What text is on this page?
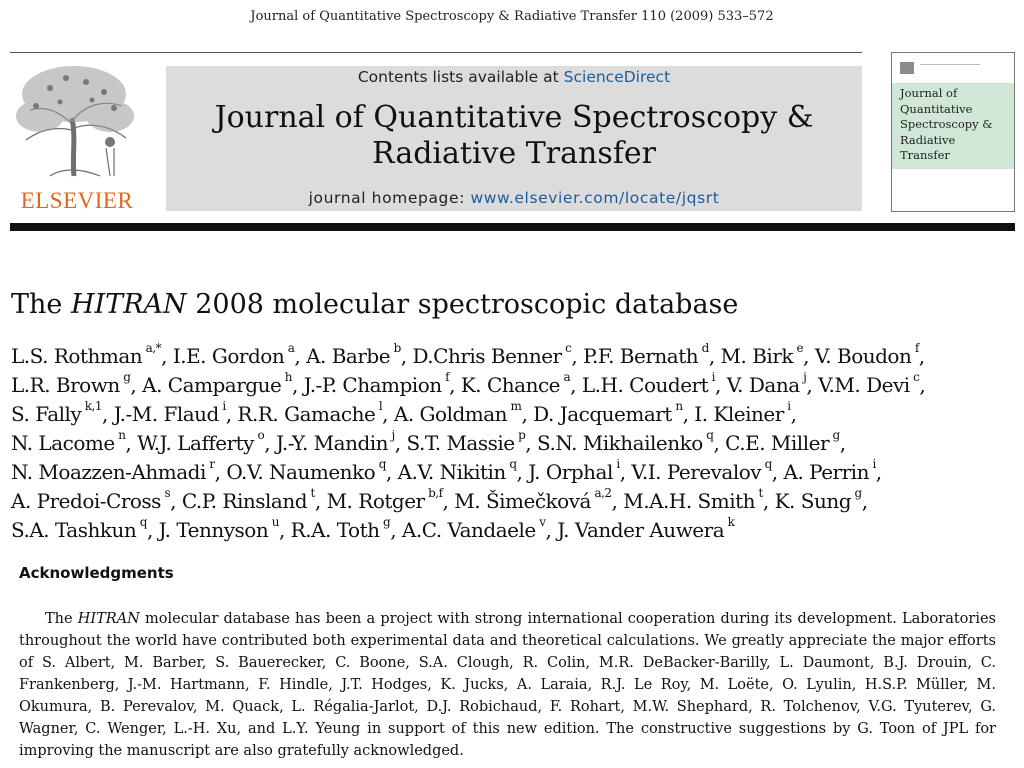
Journal of Quantitative Spectroscopy & Radiative Transfer 110 (2009) 533–572
ELSEVIER
Contents lists available at ScienceDirect
Journal of Quantitative Spectroscopy &
Radiative Transfer
journal homepage: www.elsevier.com/locate/jqsrt
Journal of
Quantitative
Spectroscopy &
Radiative
Transfer
The HITRAN 2008 molecular spectroscopic database
L.S. Rothman  $^{a,*}$, I.E. Gordon  $^a$, A. Barbe  $^b$, D.Chris Benner  $^c$, P.F. Bernath  $^d$, M. Birk  $^e$, V. Boudon  $^f$,
L.R. Brown  $^g$, A. Campargue  $^h$, J.-P. Champion  $^f$, K. Chance  $^a$, L.H. Coudert  $^i$, V. Dana  $^j$, V.M. Devi  $^c$,
S. Fally  $^{k,1}$, J.-M. Flaud  $^i$, R.R. Gamache  $^l$, A. Goldman  $^m$, D. Jacquemart  $^n$, I. Kleiner  $^i$,
N. Lacome  $^n$, W.J. Lafferty  $^o$, J.-Y. Mandin  $^j$, S.T. Massie  $^p$, S.N. Mikhailenko  $^q$, C.E. Miller  $^g$,
N. Moazzen-Ahmadi  $^r$, O.V. Naumenko  $^q$, A.V. Nikitin  $^q$, J. Orphal  $^i$, V.I. Perevalov  $^q$, A. Perrin  $^i$,
A. Predoi-Cross  $^s$, C.P. Rinsland  $^t$, M. Rotger  $^{b,f}$, M. Šimečková  $^{a,2}$, M.A.H. Smith  $^t$, K. Sung  $^g$,
S.A. Tashkun  $^q$, J. Tennyson  $^u$, R.A. Toth  $^g$, A.C. Vandaele  $^v$, J. Vander Auwera  $^k$
Acknowledgments
The HITRAN molecular database has been a project with strong international cooperation during its development. Laboratories throughout the world have contributed both experimental data and theoretical calculations. We greatly appreciate the major efforts of S. Albert, M. Barber, S. Bauerecker, C. Boone, S.A. Clough, R. Colin, M.R. DeBacker-Barilly, L. Daumont, B.J. Drouin, C. Frankenberg, J.-M. Hartmann, F. Hindle, J.T. Hodges, K. Jucks, A. Laraia, R.J. Le Roy, M. Loëte, O. Lyulin, H.S.P. Müller, M. Okumura, B. Perevalov, M. Quack, L. Régalia-Jarlot, D.J. Robichaud, F. Rohart, M.W. Shephard, R. Tolchenov, V.G. Tyuterev, G. Wagner, C. Wenger, L.-H. Xu, and L.Y. Yeung in support of this new edition. The constructive suggestions by G. Toon of JPL for improving the manuscript are also gratefully acknowledged.
